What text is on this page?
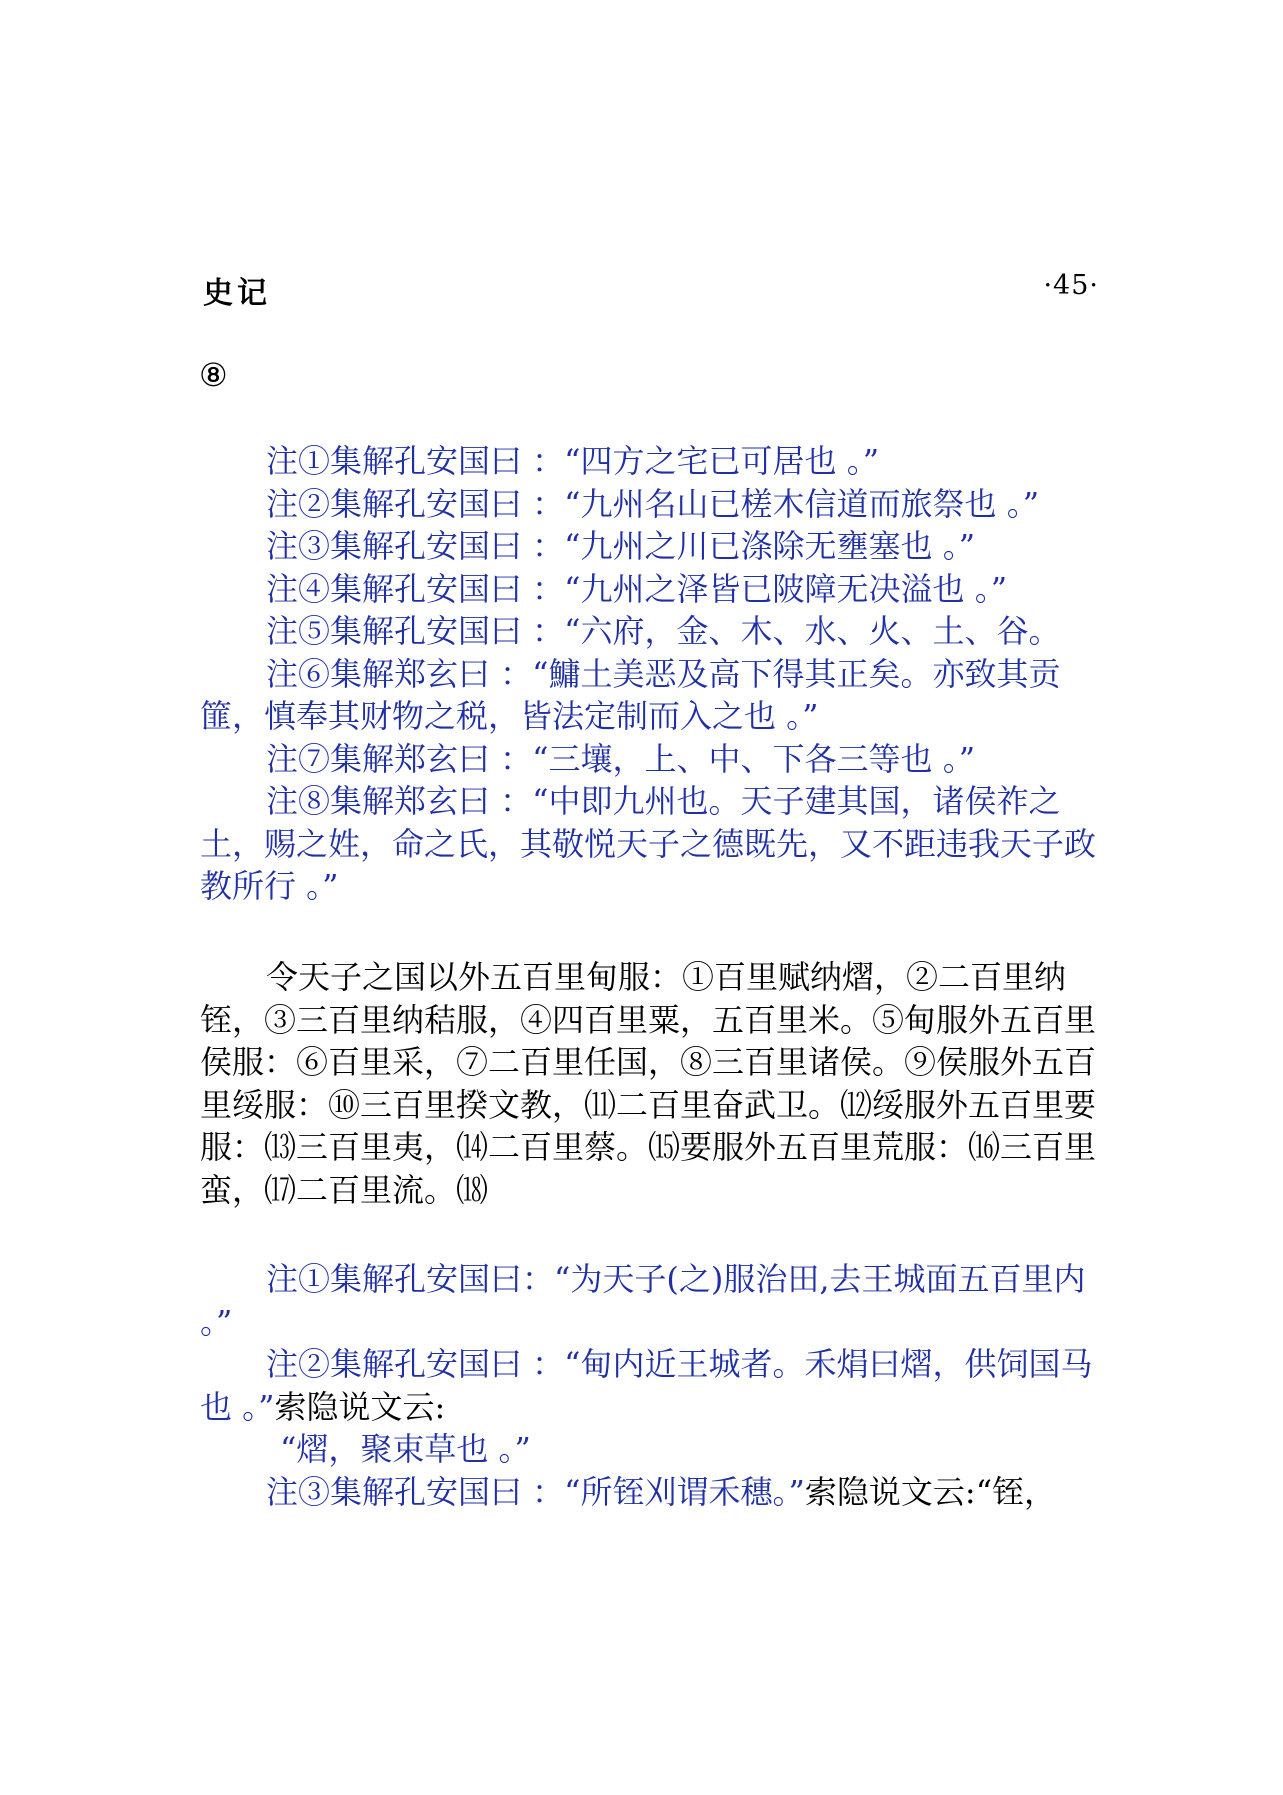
史记	·45·
⑧

注①集解孔安国曰 ：“四方之宅已可居也 。”

注②集解孔安国曰 ：“九州名山已槎木信道而旅祭也 。”

注③集解孔安国曰 ：“九州之川已涤除无壅塞也 。”

注④集解孔安国曰 ：“九州之泽皆已陂障无决溢也 。”

注⑤集解孔安国曰 ：“六府，金、木、水、火、土、谷。

注⑥集解郑玄曰 ：“鱅土美恶及高下得其正矣。亦致其贡篚，慎奉其财物之税，皆法定制而入之也 。”

注⑦集解郑玄曰 ：“三壤，上、中、下各三等也 。”

注⑧集解郑玄曰 ：“中即九州也。天子建其国，诸侯祚之土，赐之姓，命之氏，其敬悦天子之德既先，又不距违我天子政教所行 。”

令天子之国以外五百里甸服：①百里赋纳熠，②二百里纳铚，③三百里纳秸服，④四百里粟，五百里米。⑤甸服外五百里侯服：⑥百里采，⑦二百里任国，⑧三百里诸侯。⑨侯服外五百里绥服：⑩三百里揆文教，⑾二百里奋武卫。⑿绥服外五百里要服：⒀三百里夷，⒁二百里蔡。⒂要服外五百里荒服：⒃三百里蛮，⒄二百里流。⒅

注①集解孔安国曰：“为天子(之)服治田,去王城面五百里内 。”

注②集解孔安国曰 ：“甸内近王城者。禾焆曰熠，供饲国马也 。”索隐说文云:

“熠，聚束草也 。”

注③集解孔安国曰 ：“所铚刈谓禾穗。”索隐说文云:“铚，
